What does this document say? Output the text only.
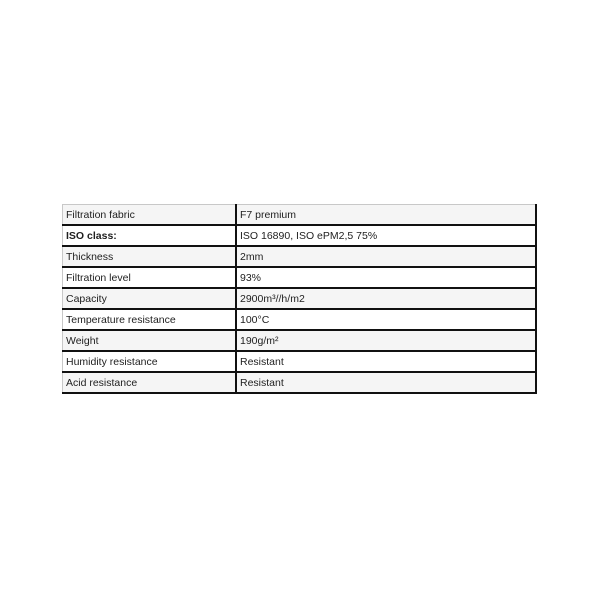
Filtration fabric	F7 premium
ISO class:	ISO 16890, ISO ePM2,5 75%
Thickness	2mm
Filtration level	93%
Capacity	2900m³//h/m2
Temperature resistance	100°C
Weight	190g/m²
Humidity resistance	Resistant
Acid resistance	Resistant
